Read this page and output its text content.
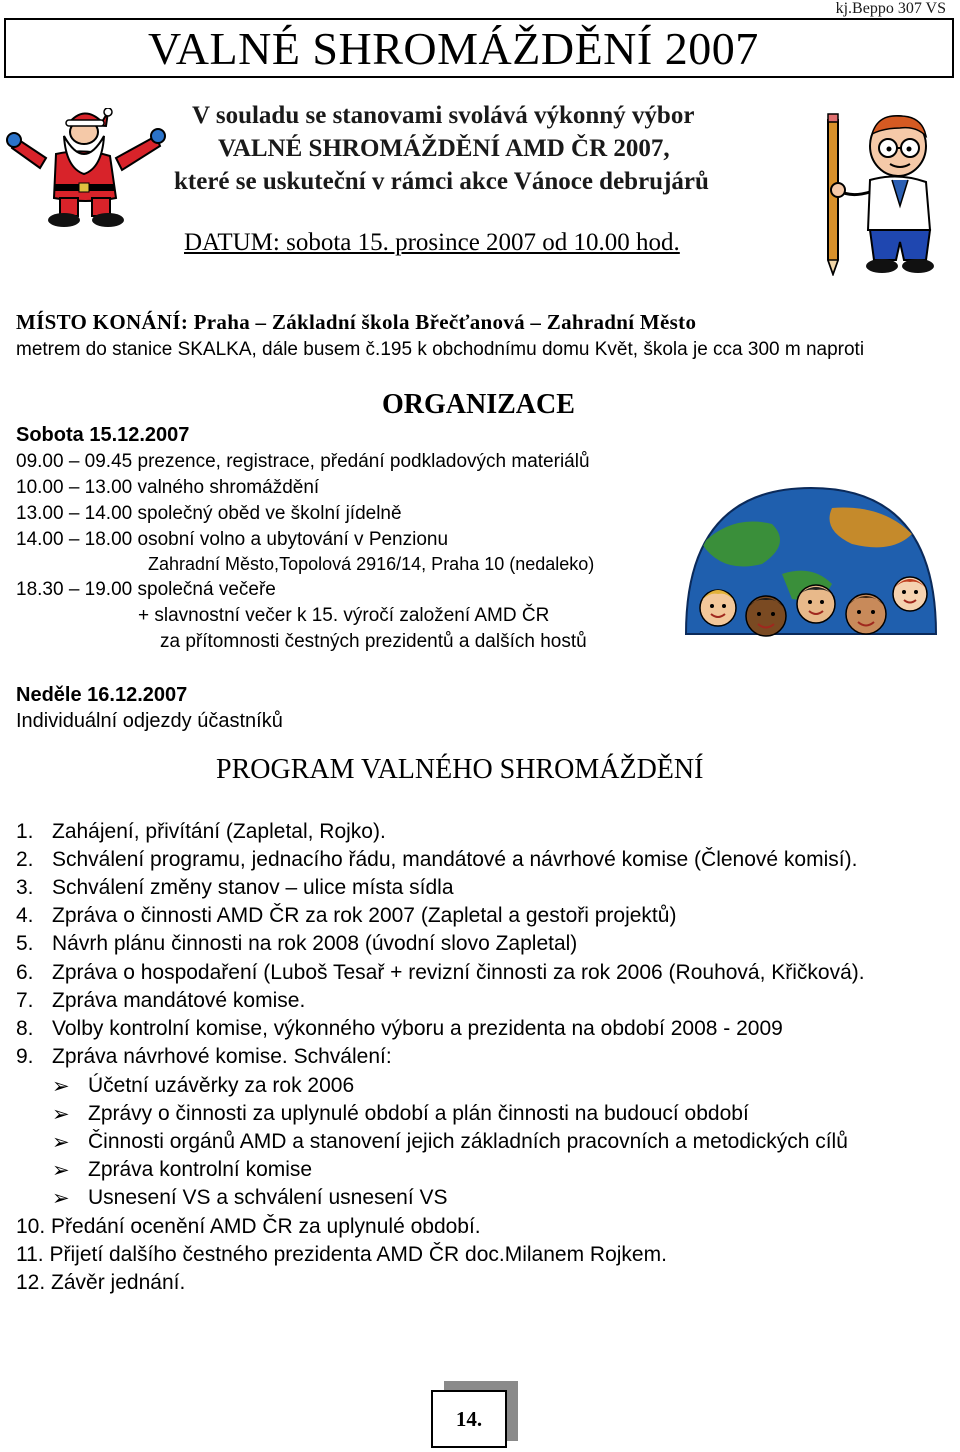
kj.Beppo 307 VS
VALNÉ SHROMÁŽDĚNÍ 2007
V souladu se stanovami svolává výkonný výbor
VALNÉ SHROMÁŽDĚNÍ AMD ČR 2007,
které se uskuteční v rámci akce Vánoce debrujárů
DATUM: sobota 15. prosince 2007 od 10.00 hod.
MÍSTO KONÁNÍ: Praha – Základní škola Břečťanová – Zahradní Město
metrem do stanice SKALKA, dále busem č.195 k obchodnímu domu Květ, škola je cca 300 m naproti
ORGANIZACE
Sobota 15.12.2007
09.00 – 09.45 prezence, registrace, předání podkladových materiálů
10.00 – 13.00 valného shromáždění
13.00 – 14.00 společný oběd ve školní jídelně
14.00 – 18.00 osobní volno a ubytování v Penzionu
Zahradní Město,Topolová 2916/14, Praha 10 (nedaleko)
18.30 – 19.00 společná večeře
+ slavnostní večer k 15. výročí založení AMD ČR
za přítomnosti čestných prezidentů a dalších hostů
Neděle 16.12.2007
Individuální odjezdy účastníků
PROGRAM VALNÉHO SHROMÁŽDĚNÍ
1. Zahájení, přivítání (Zapletal, Rojko).
2. Schválení programu, jednacího řádu, mandátové a návrhové komise (Členové komisí).
3. Schválení změny stanov – ulice místa sídla
4. Zpráva o činnosti AMD ČR za rok 2007 (Zapletal a gestoři projektů)
5. Návrh plánu činnosti na rok 2008 (úvodní slovo Zapletal)
6. Zpráva o hospodaření (Luboš Tesař + revizní činnosti za rok 2006 (Rouhová, Křičková).
7. Zpráva mandátové komise.
8. Volby kontrolní komise, výkonného výboru a prezidenta na období 2008 - 2009
9. Zpráva návrhové komise. Schválení:
➢ Účetní uzávěrky za rok 2006
➢ Zprávy o činnosti za uplynulé období a plán činnosti na budoucí období
➢ Činnosti orgánů AMD a stanovení jejich základních pracovních a metodických cílů
➢ Zpráva kontrolní komise
➢ Usnesení VS a schválení usnesení VS
10. Předání ocenění AMD ČR za uplynulé období.
11. Přijetí dalšího čestného prezidenta AMD ČR doc.Milanem Rojkem.
12. Závěr jednání.
14.
